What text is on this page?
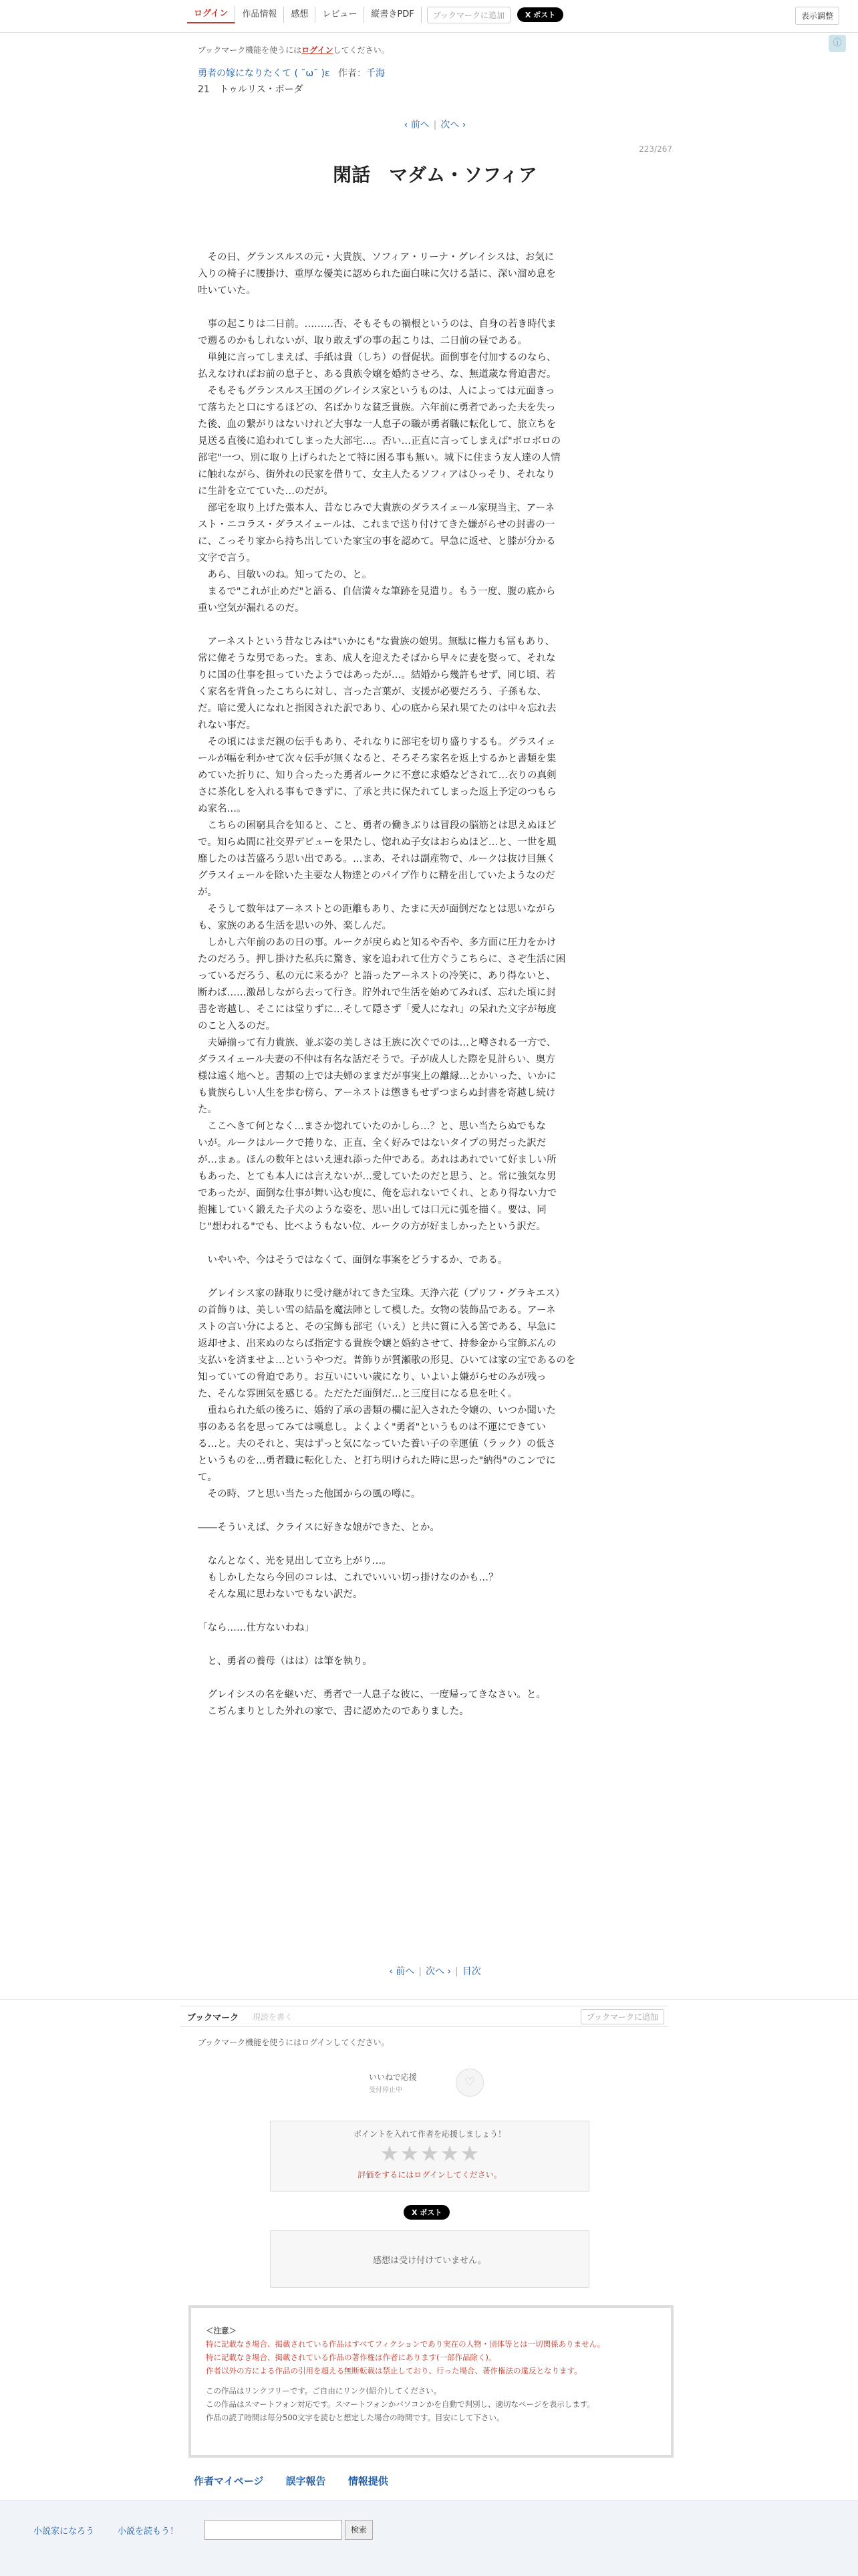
ログイン	作品情報	感想	レビュー	縦書きPDF	ブックマークに追加	X ポスト	表示調整
ⓘ
ブックマーク機能を使うにはログインしてください。
勇者の嫁になりたくて ( ˘ω˘ )ε 作者：千海
21 トゥルリス・ボーダ
‹ 前へ | 次へ ›
223/267
閑話　マダム・ソフィア

　その日、グランスルスの元・大貴族、ソフィア・リーナ・グレイシスは、お気に

入りの椅子に腰掛け、重厚な優美に認められた面白味に欠ける話に、深い溜め息を

吐いていた。

　事の起こりは二日前。………否、そもそもの禍根というのは、自身の若き時代ま

で遡るのかもしれないが、取り敢えずの事の起こりは、二日前の昼である。

　単純に言ってしまえば、手紙は貴（しち）の督促状。面倒事を付加するのなら、

払えなければお前の息子と、ある貴族令嬢を婚約させろ、な、無道歳な脅迫書だ。

　そもそもグランスルス王国のグレイシス家というものは、人によっては元面きっ

て落ちたと口にするほどの、名ばかりな貧乏貴族。六年前に勇者であった夫を失っ

た後、血の繋がりはないけれど大事な一人息子の職が勇者職に転化して、旅立ちを

見送る直後に追われてしまった大部宅…。否い…正直に言ってしまえば"ボロボロの

部宅"一つ、別に取り上げられたとて特に困る事も無い。城下に住まう友人達の人情

に触れながら、街外れの民家を借りて、女主人たるソフィアはひっそり、それなり

に生計を立てていた…のだが。

　部宅を取り上げた張本人、昔なじみで大貴族のダラスイェール家現当主、アーネ

スト・ニコラス・ダラスイェールは、これまで送り付けてきた嫌がらせの封書の一

に、こっそり家から持ち出していた家宝の事を認めて。早急に返せ、と膝が分かる

文字で言う。

　あら、目敏いのね。知ってたの、と。

　まるで"これが止めだ"と語る、自信満々な筆跡を見遣り。もう一度、腹の底から

重い空気が漏れるのだ。

　アーネストという昔なじみは"いかにも"な貴族の娘男。無駄に権力も冨もあり、

常に偉そうな男であった。まあ、成人を迎えたそばから早々に妻を娶って、それな

りに国の仕事を担っていたようではあったが…。結婚から幾許もせず、同じ頃、若

く家名を背負ったこちらに対し、言った言葉が、支援が必要だろう、子孫もな、

だ。暗に愛人になれと指図された訳であり、心の底から呆れ果てたのは中々忘れ去

れない事だ。

　その頃にはまだ親の伝手もあり、それなりに部宅を切り盛りするも。グラスイェ

ールが幅を利かせて次々伝手が無くなると、そろそろ家名を返上するかと書類を集

めていた折りに、知り合ったった勇者ルークに不意に求婚などされて…衣りの真剣

さに茶化しを入れる事もできずに、了承と共に保たれてしまった返上予定のつもら

ぬ家名…。

　こちらの困窮具合を知ると、こと、勇者の働きぶりは冒段の脳筋とは思えぬほど

で。知らぬ間に社交界デビューを果たし、惚れぬ子女はおらぬほど…と、一世を風

靡したのは苦盛ろう思い出である。…まあ、それは副産物で、ルークは抜け目無く

グラスイェールを除いた主要な人物達とのパイプ作りに精を出していたようなのだ

が。

　そうして数年はアーネストとの距離もあり、たまに天が面倒だなとは思いながら

も、家族のある生活を思いの外、楽しんだ。

　しかし六年前のあの日の事。ルークが戻らぬと知るや否や、多方面に圧力をかけ

たのだろう。押し掛けた私兵に驚き、家を追われて仕方ぐうこちらに、さぞ生活に困

っているだろう、私の元に来るか？と語ったアーネストの冷笑に、あり得ないと、

断わば……激昂しながら去って行き。貯外れで生活を始めてみれば、忘れた頃に封

書を寄越し、そこには堂りずに…そして隠さず「愛人になれ」の呆れた文字が毎度

のこと入るのだ。

　夫婦揃って有力貴族、並ぶ姿の美しさは王族に次ぐでのは…と噂される一方で、

ダラスイェール夫妻の不仲は有名な話だそうで。子が成人した際を見計らい、奥方

様は遠く地へと。書類の上では夫婦のままだが事実上の離縁…とかいった、いかに

も貴族らしい人生を歩む傍ら、アーネストは懲きもせずつまらぬ封書を寄越し続け

た。

　ここへきて何となく…まさか惚れていたのかしら…？と、思い当たらぬでもな

いが。ルークはルークで捲りな、正直、全く好みではないタイプの男だった訳だ

が…まぁ。ほんの数年とはいえ連れ添った仲である。あれはあれでいて好ましい所

もあった、とても本人には言えないが…愛していたのだと思う、と。常に強気な男

であったが、面倒な仕事が舞い込む度に、俺を忘れないでくれ、とあり得ない力で

抱擁していく鍛えた子犬のような姿を、思い出しては口元に弧を描く。要は、同

じ"想われる"でも、比べようもない位、ルークの方が好ましかったという訳だ。

　いやいや、今はそうではなくて、面倒な事案をどうするか、である。

　グレイシス家の跡取りに受け継がれてきた宝珠。天浄六花（プリフ・グラキエス）

の首飾りは、美しい雪の結晶を魔法陣として模した。女物の装飾品である。アーネ

ストの言い分によると、その宝飾も部宅（いえ）と共に質に入る筈である、早急に

返却せよ、出来ぬのならば指定する貴族令嬢と婚約させて、持参金から宝飾ぶんの

支払いを済ませよ…というやつだ。普飾りが質瀬歌の形見、ひいては家の宝であるのを

知っていての脅迫であり。お互いにいい歳になり、いよいよ嫌がらせのみが残っ

た、そんな雰囲気を感じる。ただただ面倒だ…と三度目になる息を吐く。

　重ねられた紙の後ろに、婚約了承の書類の欄に記入された令嬢の、いつか聞いた

事のある名を思ってみては嘆息し。よくよく"勇者"というものは不運にできてい

る…と。夫のそれと、実はずっと気になっていた養い子の幸運値（ラック）の低さ

というものを…勇者職に転化した、と打ち明けられた時に思った"納得"のこンでに

て。

　その時、フと思い当たった他国からの風の噂に。

――そういえば、クライスに好きな娘ができた、とか。

　なんとなく、光を見出して立ち上がり…。

　もしかしたなら今回のコレは、これでいいい切っ掛けなのかも…？

　そんな風に思わないでもない訳だ。

「なら……仕方ないわね」

　と、勇者の養母（はは）は筆を執り。

　グレイシスの名を継いだ、勇者で一人息子な彼に、一度帰ってきなさい。と。

　こぢんまりとした外れの家で、書に認めたのでありました。

‹ 前へ | 次へ › | 目次
ブックマーク 現読を書く	ブックマークに追加
ブックマーク機能を使うにはログインしてください。
いいねで応援
受付停止中
♡
ポイントを入れて作者を応援しましょう！
★★★★★
評価をするにはログインしてください。
X ポスト
感想は受け付けていません。
＜注意＞
特に記載なき場合、掲載されている作品はすべてフィクションであり実在の人物・団体等とは一切関係ありません。
特に記載なき場合、掲載されている作品の著作権は作者にあります(一部作品除く)。
作者以外の方による作品の引用を超える無断転載は禁止しており、行った場合、著作権法の違反となります。
この作品はリンクフリーです。ご自由にリンク(紹介)してください。
この作品はスマートフォン対応です。スマートフォンかパソコンかを自動で判別し、適切なページを表示します。
作品の読了時間は毎分500文字を読むと想定した場合の時間です。目安にして下さい。
作者マイページ 誤字報告 情報提供
小説家になろう	小説を読もう！	検索
